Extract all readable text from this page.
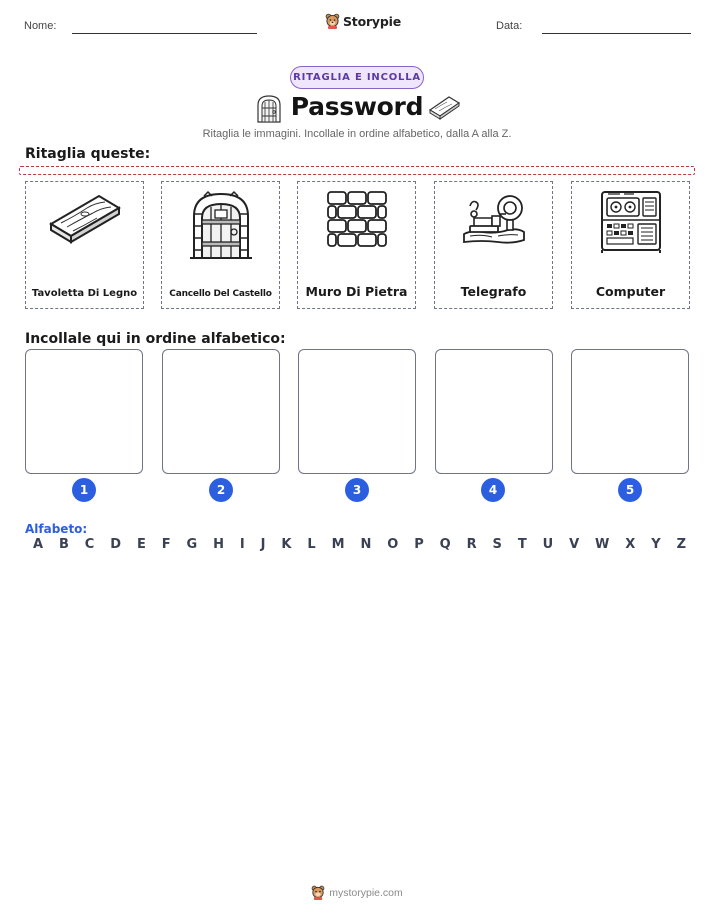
Nome:	Storypie	Data:
RITAGLIA E INCOLLA
Password
Ritaglia le immagini. Incollale in ordine alfabetico, dalla A alla Z.
Ritaglia queste:
Tavoletta Di Legno	Cancello Del Castello	Muro Di Pietra	Telegrafo	Computer
Incollale qui in ordine alfabetico:
1	2	3	4	5
Alfabeto:
A B C D E F G H I J K L M N O P Q R S T U V W X Y Z
mystorypie.com
